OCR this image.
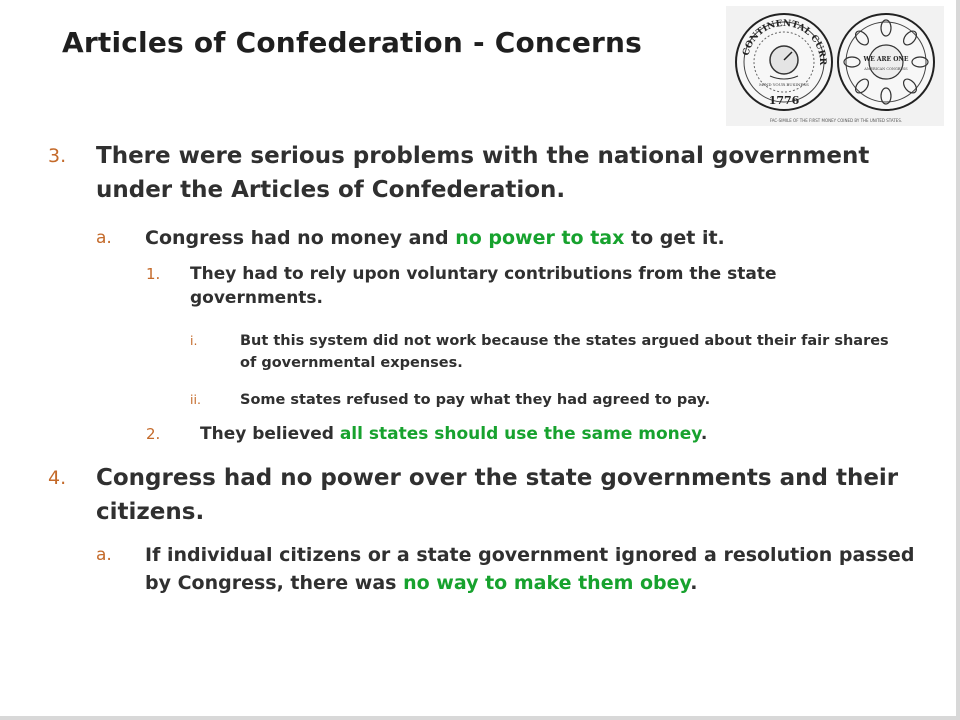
Articles of Confederation - Concerns	CONTINENTAL CURR
MIND YOUR BUSINESS
1776
WE ARE ONE
AMERICAN CONGRESS
FAC-SIMILE OF THE FIRST MONEY COINED BY THE UNITED STATES.
3. There were serious problems with the national government under the Articles of Confederation.
a. Congress had no money and no power to tax to get it.
1. They had to rely upon voluntary contributions from the state governments.
i.	But this system did not work because the states argued about their fair shares of governmental expenses.
ii.	Some states refused to pay what they had agreed to pay.
2. They believed all states should use the same money.
4. Congress had no power over the state governments and their citizens.
a. If individual citizens or a state government ignored a resolution passed by Congress, there was no way to make them obey.
